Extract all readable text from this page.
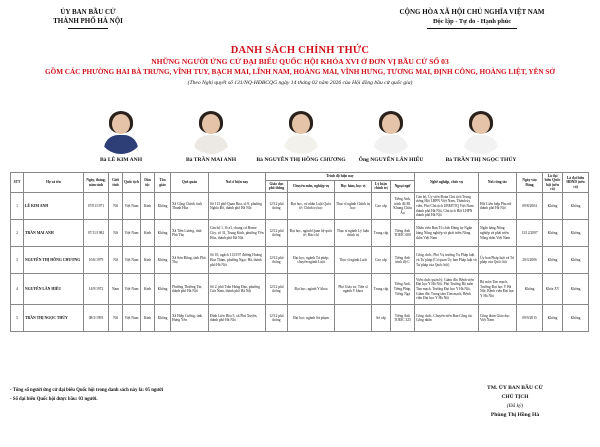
ỦY BAN BẦU CỬ
THÀNH PHỐ HÀ NỘI
CỘNG HÒA XÃ HỘI CHỦ NGHĨA VIỆT NAM
Độc lập - Tự do - Hạnh phúc
DANH SÁCH CHÍNH THỨC
NHỮNG NGƯỜI ỨNG CỬ ĐẠI BIỂU QUỐC HỘI KHÓA XVI Ở ĐƠN VỊ BẦU CỬ SỐ 03
GỒM CÁC PHƯỜNG HAI BÀ TRƯNG, VĨNH TUY, BẠCH MAI, LĨNH NAM, HOÀNG MAI, VĨNH HƯNG, TƯƠNG MAI, ĐỊNH CÔNG, HOÀNG LIỆT, YÊN SỞ
(Theo Nghị quyết số 131/NQ-HĐBCQG ngày 14 tháng 02 năm 2026 của Hội đồng bầu cử quốc gia)
Bà LÊ KIM ANH	Bà TRẦN MAI ANH	Bà NGUYỄN THỊ HỒNG CHƯƠNG	Ông NGUYỄN LÂN HIẾU	Bà TRẦN THỊ NGỌC THÚY
STT	Họ và tên	Ngày, tháng, năm sinh	Giới tính	Quốc tịch	Dân tộc	Tôn giáo	Quê quán	Nơi ở hiện nay	Trình độ hiện nay					Nghề nghiệp, chức vụ	Nơi công tác	Ngày vào Đảng	Là đại biểu Quốc hội (nếu có)	Là đại biểu HĐND (nếu có)
									Giáo dục phổ thông	Chuyên môn, nghiệp vụ	Học hàm, học vị	Lý luận chính trị	Ngoại ngữ					
1	LÊ KIM ANH	07/01/1971	Nữ	Việt Nam	Kinh	Không	Xã Cộng Chính, tỉnh Thanh Hóa	Số 113 phố Quan Hoa, tổ 9, phường Nghĩa Đô, thành phố Hà Nội	12/12 phổ thông	Đại học, cử nhân Luật Quốc tế; Chính trị học	Thạc sĩ ngành Chính trị học	Cao cấp	Tiếng Anh, trình độ B1 Khung Châu Âu	Cán bộ, Ủy viên Đoàn Chủ tịch Trung ương Hội LHPN Việt Nam, Thành ủy viên, Phó Chủ tịch UBMTTQ Việt Nam thành phố Hà Nội, Chủ tịch Hội LHPN thành phố Hà Nội	Hội Liên hiệp Phụ nữ thành phố Hà Nội	09/8/2004	Không	Không
2	TRẦN MAI ANH	07/11/1982	Nữ	Việt Nam	Kinh	Không	Xã Tiền Lương, tỉnh Phú Thọ	Căn hộ 1, lô a3, chung cư Home City, số 31, Trung Kính, phường Yên Hòa, thành phố Hà Nội	12/12 phổ thông	Đại học, ngành Quan hệ quốc tế; Báo chí	Thạc sĩ ngành Lý luận chính trị	Trung cấp	Tiếng Anh TOEIC 600	Nhân viên Ban Tổ chức Đảng ủy Ngân hàng Nông nghiệp và phát triển Nông thôn Việt Nam	Ngân hàng Nông nghiệp và phát triển Nông thôn Việt Nam	13/12/2007	Không	Không
3	NGUYỄN THỊ HỒNG CHƯƠNG	10/6/1979	Nữ	Việt Nam	Kinh	Không	Xã Sơn Đồng, tỉnh Phú Thọ	Số 10, ngách 113/197 đường Hoàng Hoa Thám, phường Ngọc Hà, thành phố Hà Nội	12/12 phổ thông	Đại học, ngành Tư pháp; chuyên ngành Luật	Thạc sĩ ngành Luật	Cao cấp	Tiếng Anh trình độ C	Công chức, Phó Vụ trưởng Vụ Pháp luật và Tư pháp (Cơ quan Ủy ban Pháp luật và Tư pháp của Quốc hội)	Ủy ban Pháp luật và Tư pháp của Quốc hội	20/3/2006	Không	Không
4	NGUYỄN LÂN HIẾU	14/9/1972	Nam	Việt Nam	Kinh	Không	Phường Thường Tín, thành phố Hà Nội	Số 2, phố Trần Hưng Đạo, phường Cửa Nam, thành phố Hà Nội	12/12 phổ thông	Đại học, ngành Y khoa	Phó Giáo sư, Tiến sĩ ngành Y khoa	Trung cấp	Tiếng Anh, Tiếng Pháp, Tiếng Nga	Viên chức quản lý; Giám đốc Bệnh viện Đại học Y Hà Nội, Phó Trưởng Bộ môn Tim mạch, Trường Đại học Y Hà Nội, Giám đốc Trung tâm Tim mạch, Bệnh viện Đại học Y Hà Nội	Bộ môn Tim mạch, Trường Đại học Y Hà Nội; Bệnh viện Đại học Y Hà Nội	Không	Khóa XV	Không
5	TRẦN THỊ NGỌC THÚY	08/3/1993	Nữ	Việt Nam	Kinh	Không	Xã Hiệp Cường, tỉnh Hưng Yên	Đình Liên Hòa 5, xã Phú Xuyên, thành phố Hà Nội	12/12 phổ thông	Đại học, ngành Sư phạm		Sơ cấp	Tiếng Anh TOEIC 325	Công chức, Chuyên viên Ban Công tác Công nhân	Công đoàn Giáo dục Việt Nam	09/9/2015	Không	Không
- Tổng số người ứng cử đại biểu Quốc hội trong danh sách này là: 05 người
- Số đại biểu Quốc hội được bầu: 03 người.
TM. ỦY BAN BẦU CỬ
CHỦ TỊCH
(Đã ký)
Phùng Thị Hồng Hà
